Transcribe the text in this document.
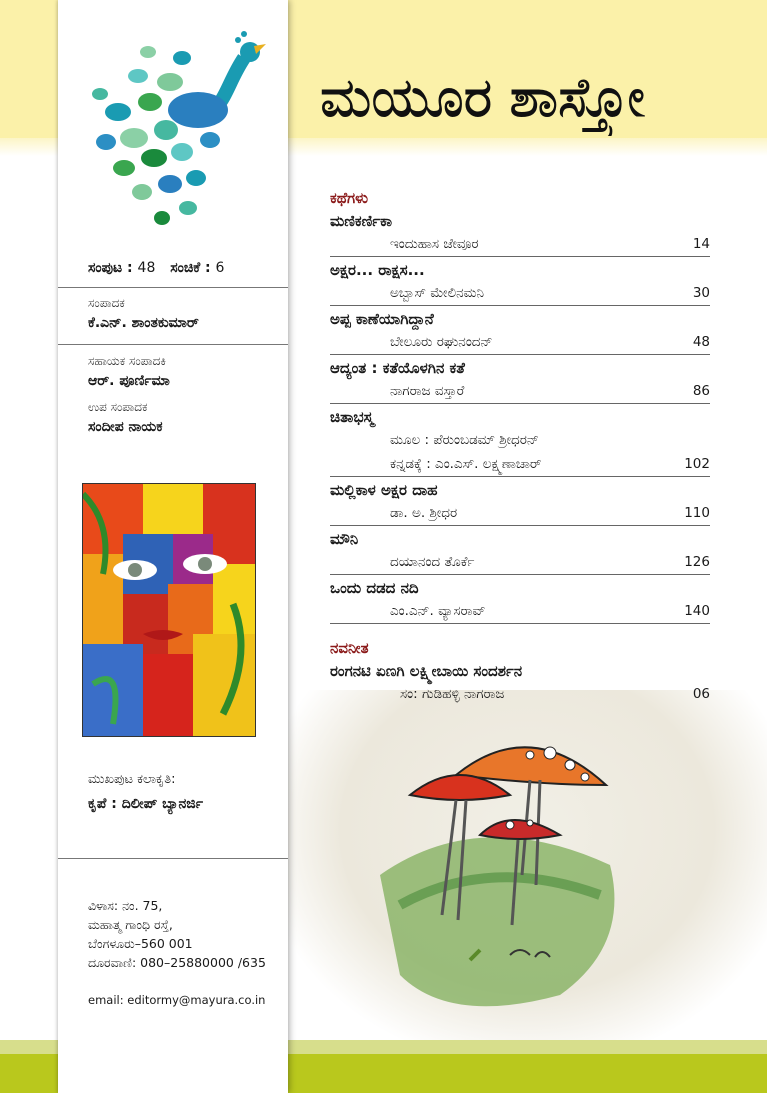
ಮಯೂರ ಶಾಸ್ತ್ರೋ
ಸಂಪುಟ : 48 ಸಂಚಿಕೆ : 6
ಸಂಪಾದಕ
ಕೆ.ಎನ್. ಶಾಂತಕುಮಾರ್
ಸಹಾಯಕ ಸಂಪಾದಕಿ
ಆರ್. ಪೂರ್ಣಿಮಾ
ಉಪ ಸಂಪಾದಕ
ಸಂದೀಪ ನಾಯಕ
ಮುಖಪುಟ ಕಲಾಕೃತಿ:
ಕೃಪೆ : ದಿಲೀಪ್ ಬ್ಯಾನರ್ಜಿ
ವಿಳಾಸ: ನಂ. 75,
ಮಹಾತ್ಮ ಗಾಂಧಿ ರಸ್ತೆ,
ಬೆಂಗಳೂರು–560 001
ದೂರವಾಣಿ: 080–25880000 /635
email: editormy@mayura.co.in
ಕಥೆಗಳು
ಮಣಿಕರ್ಣಿಕಾ
ಇಂದುಹಾಸ ಜೇವೂರ	14
ಅಕ್ಷರ... ರಾಕ್ಷಸ...
ಅಬ್ಬಾಸ್ ಮೇಲಿನಮನಿ	30
ಅಪ್ಪ ಕಾಣೆಯಾಗಿದ್ದಾನೆ
ಬೇಲೂರು ರಘುನಂದನ್	48
ಆದ್ಯಂತ : ಕತೆಯೊಳಗಿನ ಕತೆ
ನಾಗರಾಜ ವಸ್ತಾರೆ	86
ಚಿತಾಭಸ್ಮ
ಮೂಲ : ಪೆರುಂಬಡಮ್ ಶ್ರೀಧರನ್
ಕನ್ನಡಕ್ಕೆ : ಎಂ.ಎಸ್. ಲಕ್ಷ್ಮಣಾಚಾರ್	102
ಮಲ್ಲಿಕಾಳ ಅಕ್ಷರ ದಾಹ
ಡಾ. ಅ. ಶ್ರೀಧರ	110
ಮೌನಿ
ದಯಾನಂದ ತೊರ್ಕೆ	126
ಒಂದು ದಡದ ನದಿ
ಎಂ.ಎನ್. ವ್ಯಾಸರಾವ್	140
ನವನೀತ
ರಂಗನಟಿ ಏಣಗಿ ಲಕ್ಷ್ಮೀಬಾಯಿ ಸಂದರ್ಶನ
ಸಂ: ಗುಡಿಹಳ್ಳಿ ನಾಗರಾಜ	06
